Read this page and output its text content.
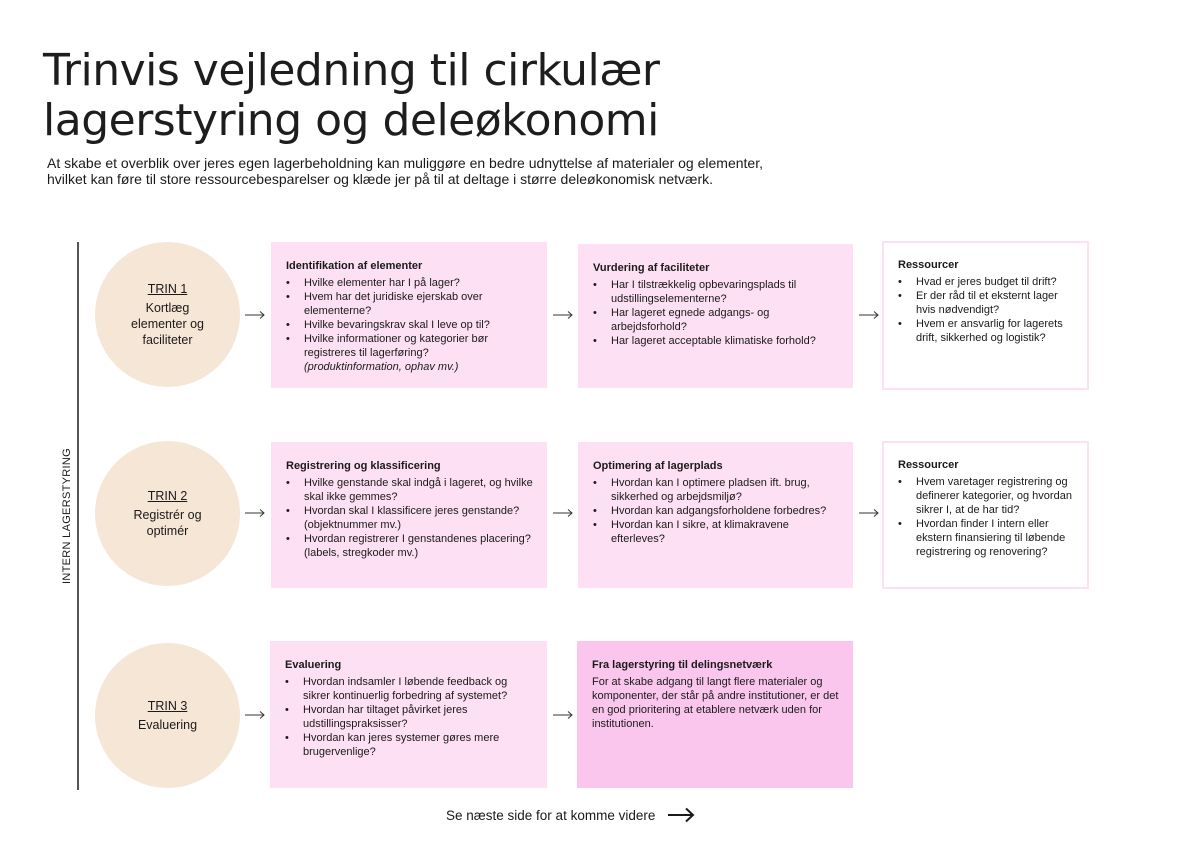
Trinvis vejledning til cirkulær
lagerstyring og deleøkonomi
At skabe et overblik over jeres egen lagerbeholdning kan muliggøre en bedre udnyttelse af materialer og elementer,
hvilket kan føre til store ressourcebesparelser og klæde jer på til at deltage i større deleøkonomisk netværk.
INTERN LAGERSTYRING
TRIN 1
Kortlæg elementer og faciliteter
Identifikation af elementer
• Hvilke elementer har I på lager?
• Hvem har det juridiske ejerskab over elementerne?
• Hvilke bevaringskrav skal I leve op til?
• Hvilke informationer og kategorier bør registreres til lagerføring?
(produktinformation, ophav mv.)
Vurdering af faciliteter
• Har I tilstrækkelig opbevaringsplads til udstillingselementerne?
• Har lageret egnede adgangs- og arbejdsforhold?
• Har lageret acceptable klimatiske forhold?
Ressourcer
• Hvad er jeres budget til drift?
• Er der råd til et eksternt lager hvis nødvendigt?
• Hvem er ansvarlig for lagerets drift, sikkerhed og logistik?
TRIN 2
Registrér og optimér
Registrering og klassificering
• Hvilke genstande skal indgå i lageret, og hvilke skal ikke gemmes?
• Hvordan skal I klassificere jeres genstande? (objektnummer mv.)
• Hvordan registrerer I genstandenes placering? (labels, stregkoder mv.)
Optimering af lagerplads
• Hvordan kan I optimere pladsen ift. brug, sikkerhed og arbejdsmiljø?
• Hvordan kan adgangsforholdene forbedres?
• Hvordan kan I sikre, at klimakravene efterleves?
Ressourcer
• Hvem varetager registrering og definerer kategorier, og hvordan sikrer I, at de har tid?
• Hvordan finder I intern eller ekstern finansiering til løbende registrering og renovering?
TRIN 3
Evaluering
Evaluering
• Hvordan indsamler I løbende feedback og sikrer kontinuerlig forbedring af systemet?
• Hvordan har tiltaget påvirket jeres udstillingspraksisser?
• Hvordan kan jeres systemer gøres mere brugervenlige?
Fra lagerstyring til delingsnetværk

For at skabe adgang til langt flere materialer og komponenter, der står på andre institutioner, er det en god prioritering at etablere netværk uden for institutionen.

Se næste side for at komme videre
